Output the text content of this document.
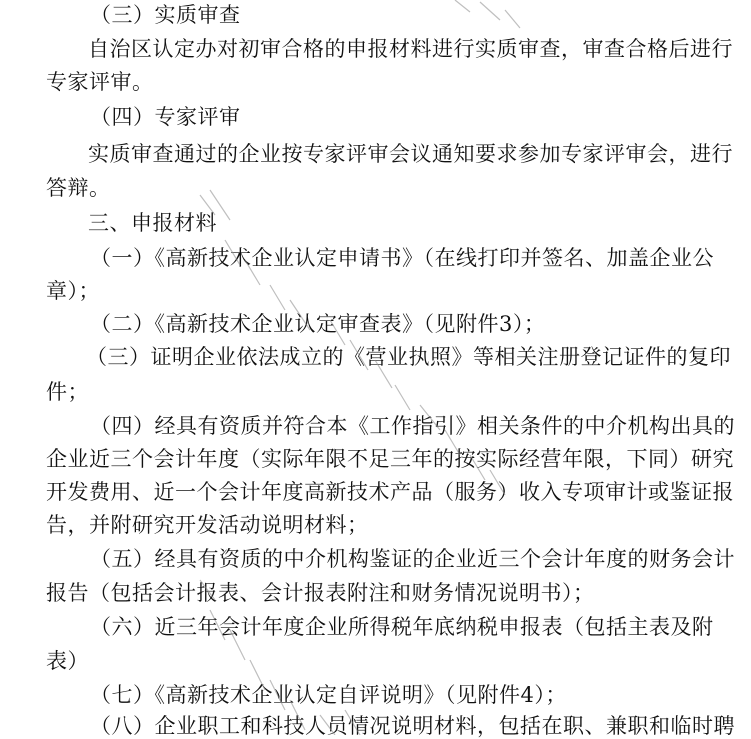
（三）实质审查
自治区认定办对初审合格的申报材料进行实质审查，审查合格后进行
专家评审。
（四）专家评审
实质审查通过的企业按专家评审会议通知要求参加专家评审会，进行
答辩。
三、申报材料
（一）《高新技术企业认定申请书》（在线打印并签名、加盖企业公
章）；
（二）《高新技术企业认定审查表》（见附件3）；
（三）证明企业依法成立的《营业执照》等相关注册登记证件的复印
件；
（四）经具有资质并符合本《工作指引》相关条件的中介机构出具的
企业近三个会计年度（实际年限不足三年的按实际经营年限，下同）研究
开发费用、近一个会计年度高新技术产品（服务）收入专项审计或鉴证报
告，并附研究开发活动说明材料；
（五）经具有资质的中介机构鉴证的企业近三个会计年度的财务会计
报告（包括会计报表、会计报表附注和财务情况说明书）；
（六）近三年会计年度企业所得税年底纳税申报表（包括主表及附
表）
（七）《高新技术企业认定自评说明》（见附件4）；
（八）企业职工和科技人员情况说明材料，包括在职、兼职和临时聘
